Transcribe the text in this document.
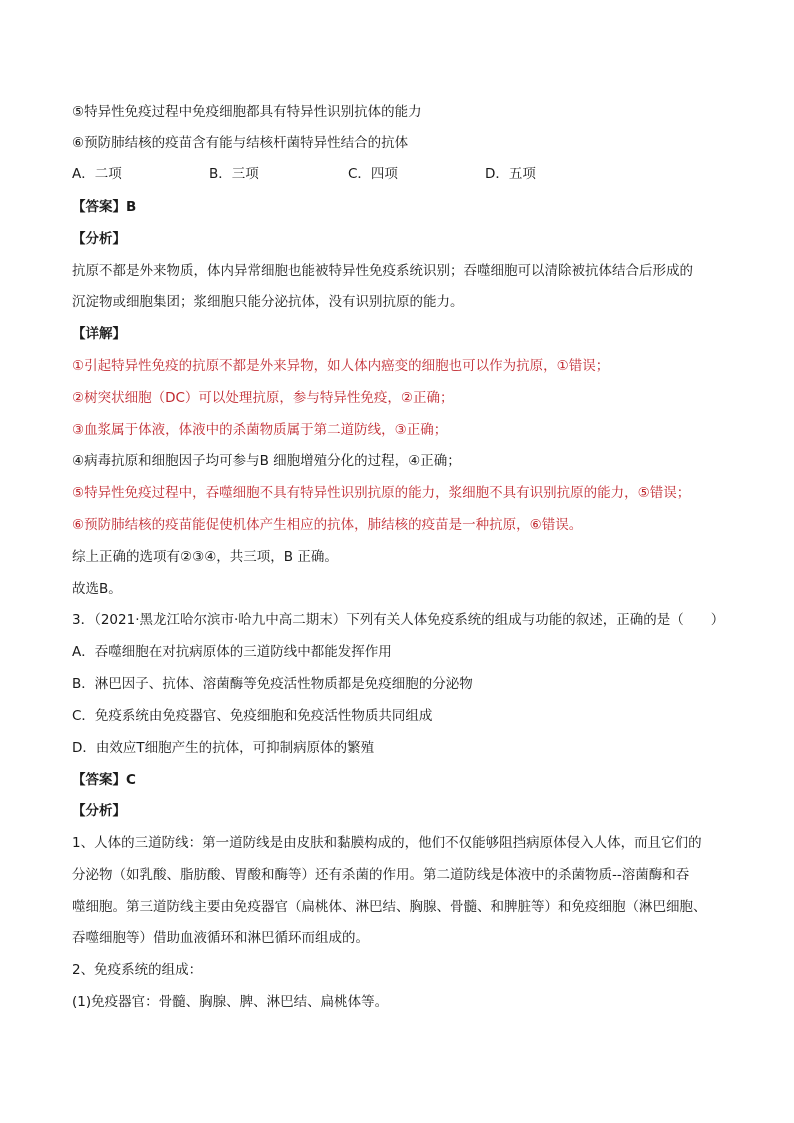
⑤特异性免疫过程中免疫细胞都具有特异性识别抗体的能力

⑥预防肺结核的疫苗含有能与结核杆菌特异性结合的抗体

A．二项	B．三项	C．四项	D．五项

【答案】B

【分析】

抗原不都是外来物质，体内异常细胞也能被特异性免疫系统识别；吞噬细胞可以清除被抗体结合后形成的

沉淀物或细胞集团；浆细胞只能分泌抗体，没有识别抗原的能力。

【详解】

①引起特异性免疫的抗原不都是外来异物，如人体内癌变的细胞也可以作为抗原，①错误；

②树突状细胞（DC）可以处理抗原，参与特异性免疫，②正确；

③血浆属于体液，体液中的杀菌物质属于第二道防线，③正确；

④病毒抗原和细胞因子均可参与B 细胞增殖分化的过程，④正确；

⑤特异性免疫过程中，吞噬细胞不具有特异性识别抗原的能力，浆细胞不具有识别抗原的能力，⑤错误；

⑥预防肺结核的疫苗能促使机体产生相应的抗体，肺结核的疫苗是一种抗原，⑥错误。

综上正确的选项有②③④，共三项，B 正确。

故选B。

3．（2021·黑龙江哈尔滨市·哈九中高二期末）下列有关人体免疫系统的组成与功能的叙述，正确的是（　　）

A．吞噬细胞在对抗病原体的三道防线中都能发挥作用

B．淋巴因子、抗体、溶菌酶等免疫活性物质都是免疫细胞的分泌物

C．免疫系统由免疫器官、免疫细胞和免疫活性物质共同组成

D．由效应T细胞产生的抗体，可抑制病原体的繁殖

【答案】C

【分析】

1、人体的三道防线：第一道防线是由皮肤和黏膜构成的，他们不仅能够阻挡病原体侵入人体，而且它们的

分泌物（如乳酸、脂肪酸、胃酸和酶等）还有杀菌的作用。第二道防线是体液中的杀菌物质--溶菌酶和吞

噬细胞。第三道防线主要由免疫器官（扁桃体、淋巴结、胸腺、骨髓、和脾脏等）和免疫细胞（淋巴细胞、

吞噬细胞等）借助血液循环和淋巴循环而组成的。

2、免疫系统的组成：

(1)免疫器官：骨髓、胸腺、脾、淋巴结、扁桃体等。
